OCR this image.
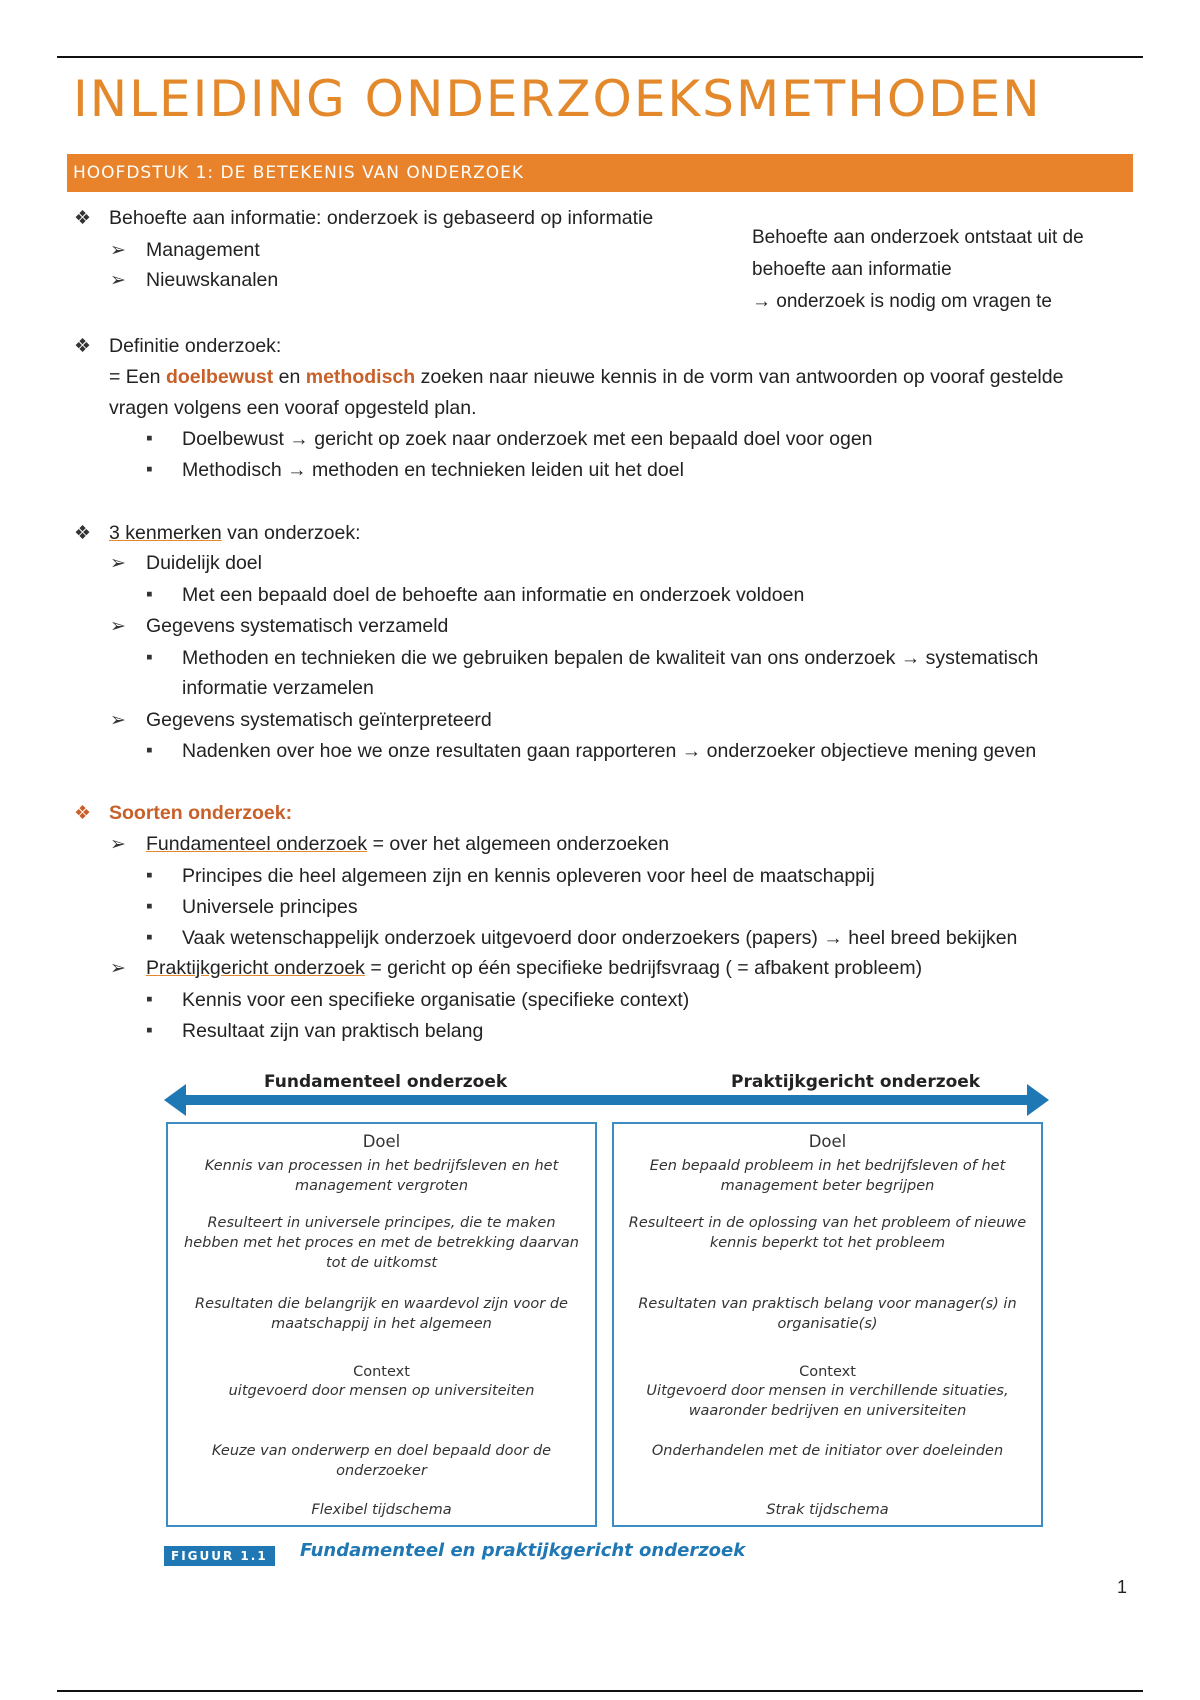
INLEIDING ONDERZOEKSMETHODEN
HOOFDSTUK 1: DE BETEKENIS VAN ONDERZOEK
❖ Behoefte aan informatie: onderzoek is gebaseerd op informatie
➢ Management
➢ Nieuwskanalen
Behoefte aan onderzoek ontstaat uit de
behoefte aan informatie
→ onderzoek is nodig om vragen te
❖ Definitie onderzoek:
= Een doelbewust en methodisch zoeken naar nieuwe kennis in de vorm van antwoorden op vooraf gestelde
vragen volgens een vooraf opgesteld plan.
▪ Doelbewust → gericht op zoek naar onderzoek met een bepaald doel voor ogen
▪ Methodisch → methoden en technieken leiden uit het doel
❖ 3 kenmerken van onderzoek:
➢ Duidelijk doel
▪ Met een bepaald doel de behoefte aan informatie en onderzoek voldoen
➢ Gegevens systematisch verzameld
▪ Methoden en technieken die we gebruiken bepalen de kwaliteit van ons onderzoek → systematisch
informatie verzamelen
➢ Gegevens systematisch geïnterpreteerd
▪ Nadenken over hoe we onze resultaten gaan rapporteren → onderzoeker objectieve mening geven
❖ Soorten onderzoek:
➢ Fundamenteel onderzoek = over het algemeen onderzoeken
▪ Principes die heel algemeen zijn en kennis opleveren voor heel de maatschappij
▪ Universele principes
▪ Vaak wetenschappelijk onderzoek uitgevoerd door onderzoekers (papers) → heel breed bekijken
➢ Praktijkgericht onderzoek = gericht op één specifieke bedrijfsvraag ( = afbakent probleem)
▪ Kennis voor een specifieke organisatie (specifieke context)
▪ Resultaat zijn van praktisch belang
Fundamenteel onderzoek	Praktijkgericht onderzoek
Doel
Kennis van processen in het bedrijfsleven en het management vergroten
Resulteert in universele principes, die te maken hebben met het proces en met de betrekking daarvan tot de uitkomst
Resultaten die belangrijk en waardevol zijn voor de maatschappij in het algemeen
Context
uitgevoerd door mensen op universiteiten
Keuze van onderwerp en doel bepaald door de onderzoeker
Flexibel tijdschema
Doel
Een bepaald probleem in het bedrijfsleven of het management beter begrijpen
Resulteert in de oplossing van het probleem of nieuwe kennis beperkt tot het probleem
Resultaten van praktisch belang voor manager(s) in organisatie(s)
Context
Uitgevoerd door mensen in verchillende situaties, waaronder bedrijven en universiteiten
Onderhandelen met de initiator over doeleinden
Strak tijdschema
FIGUUR 1.1	Fundamenteel en praktijkgericht onderzoek
1
